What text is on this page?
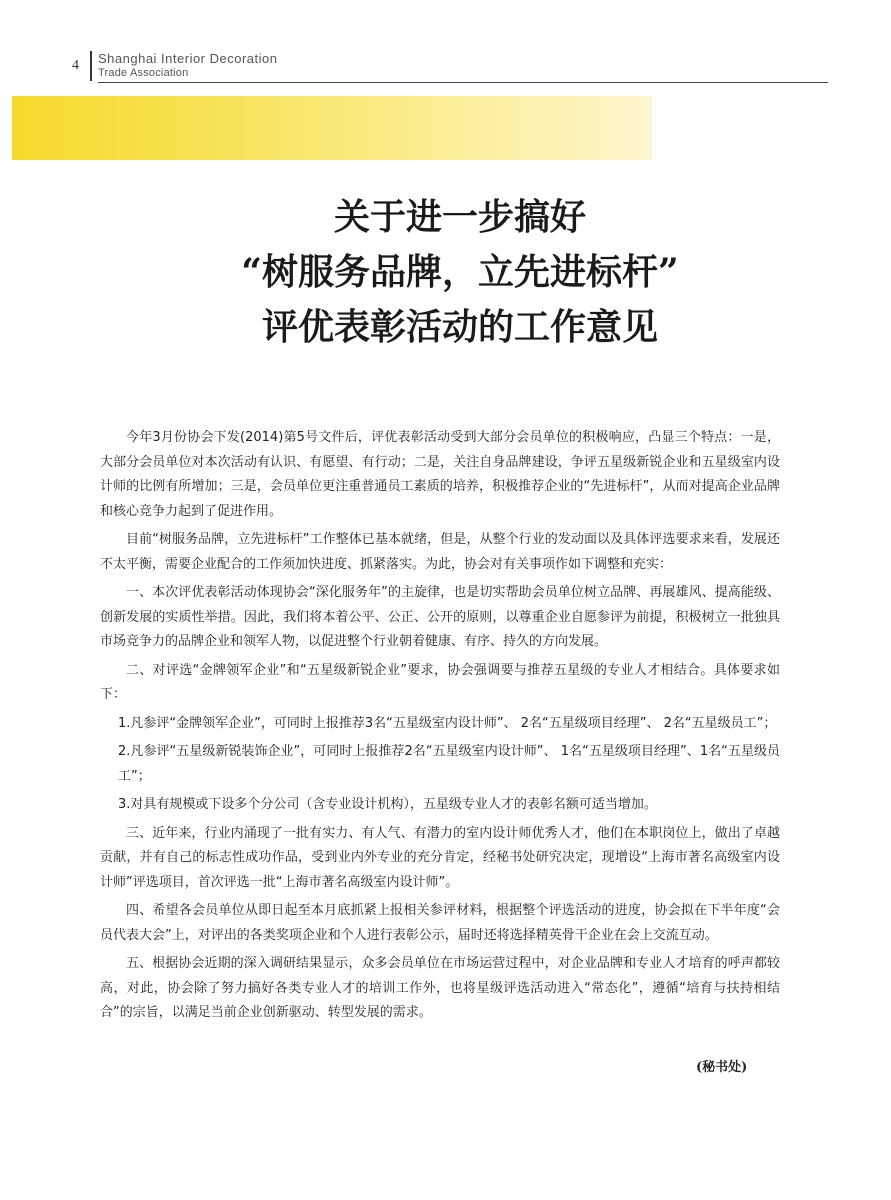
4 Shanghai Interior Decoration
Trade Association
关于进一步搞好
“树服务品牌，立先进标杆”
评优表彰活动的工作意见

今年3月份协会下发(2014)第5号文件后，评优表彰活动受到大部分会员单位的积极响应，凸显三个特点：一是，大部分会员单位对本次活动有认识、有愿望、有行动；二是，关注自身品牌建设，争评五星级新锐企业和五星级室内设计师的比例有所增加；三是，会员单位更注重普通员工素质的培养，积极推荐企业的“先进标杆”，从而对提高企业品牌和核心竞争力起到了促进作用。

目前“树服务品牌，立先进标杆”工作整体已基本就绪，但是，从整个行业的发动面以及具体评选要求来看，发展还不太平衡，需要企业配合的工作须加快进度、抓紧落实。为此，协会对有关事项作如下调整和充实：

一、本次评优表彰活动体现协会“深化服务年”的主旋律，也是切实帮助会员单位树立品牌、再展雄风、提高能级、创新发展的实质性举措。因此，我们将本着公平、公正、公开的原则，以尊重企业自愿参评为前提，积极树立一批独具市场竞争力的品牌企业和领军人物，以促进整个行业朝着健康、有序、持久的方向发展。

二、对评选“金牌领军企业”和“五星级新锐企业”要求，协会强调要与推荐五星级的专业人才相结合。具体要求如下：

1.凡参评“金牌领军企业”，可同时上报推荐3名“五星级室内设计师”、 2名“五星级项目经理”、 2名“五星级员工”；

2.凡参评“五星级新锐装饰企业”，可同时上报推荐2名“五星级室内设计师”、 1名“五星级项目经理”、1名“五星级员工”；

3.对具有规模或下设多个分公司（含专业设计机构），五星级专业人才的表彰名额可适当增加。

三、近年来，行业内涌现了一批有实力、有人气、有潜力的室内设计师优秀人才，他们在本职岗位上，做出了卓越贡献，并有自己的标志性成功作品，受到业内外专业的充分肯定，经秘书处研究决定，现增设“上海市著名高级室内设计师”评选项目，首次评选一批“上海市著名高级室内设计师”。

四、希望各会员单位从即日起至本月底抓紧上报相关参评材料，根据整个评选活动的进度，协会拟在下半年度“会员代表大会”上，对评出的各类奖项企业和个人进行表彰公示，届时还将选择精英骨干企业在会上交流互动。

五、根据协会近期的深入调研结果显示，众多会员单位在市场运营过程中，对企业品牌和专业人才培育的呼声都较高，对此，协会除了努力搞好各类专业人才的培训工作外，也将星级评选活动进入“常态化”，遵循“培育与扶持相结合”的宗旨，以满足当前企业创新驱动、转型发展的需求。

(秘书处)
